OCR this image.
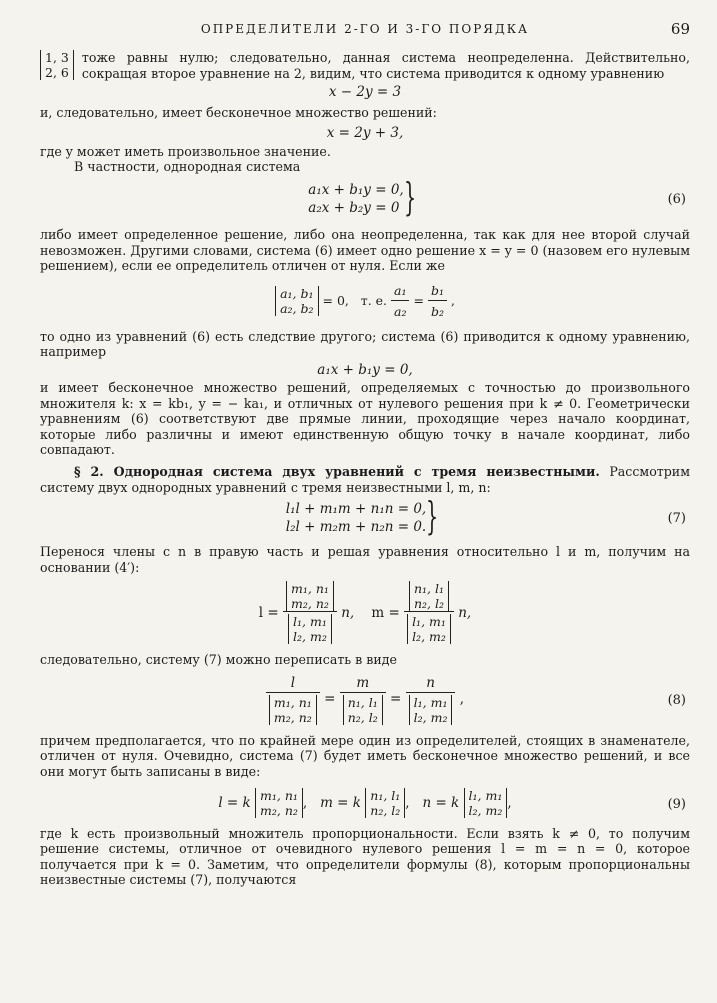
ОПРЕДЕЛИТЕЛИ 2-ГО И 3-ГО ПОРЯДКА	69

1, 3
2, 6
тоже равны нулю; следовательно, данная система неопределенна. Действительно, сокращая второе уравнение на 2, видим, что система приводится к одному уравнению

x − 2y = 3

и, следовательно, имеет бесконечное множество решений:

x = 2y + 3,

где y может иметь произвольное значение.

В частности, однородная система

a₁x + b₁y = 0,
a₂x + b₂y = 0 }	(6)

либо имеет определенное решение, либо она неопределенна, так как для нее второй случай невозможен. Другими словами, система (6) имеет одно решение x = y = 0 (назовем его нулевым решением), если ее определитель отличен от нуля. Если же

a₁, b₁
a₂, b₂ = 0, т. е. $\frac{\text{a₁}}{\text{a₂}} = \frac{\text{b₁}}{\text{b₂}}$ ,

то одно из уравнений (6) есть следствие другого; система (6) приводится к одному уравнению, например

a₁x + b₁y = 0,

и имеет бесконечное множество решений, определяемых с точностью до произвольного множителя k: x = kb₁, y = − ka₁, и отличных от нулевого решения при k ≠ 0. Геометрически уравнениям (6) соответствуют две прямые линии, проходящие через начало координат, которые либо различны и имеют единственную общую точку в начале координат, либо совпадают.

§ 2. Однородная система двух уравнений с тремя неизвестными. Рассмотрим систему двух однородных уравнений с тремя неизвестными l, m, n:

l₁l + m₁m + n₁n = 0,
l₂l + m₂m + n₂n = 0. }	(7)

Перенося члены с n в правую часть и решая уравнения относительно l и m, получим на основании (4′):

l =
m₁, n₁
m₂, n₂
l₁, m₁
l₂, m₂
n, m =
n₁, l₁
n₂, l₂
l₁, m₁
l₂, m₂
n,

следовательно, систему (7) можно переписать в виде

l
m₁, n₁
m₂, n₂
=
m
n₁, l₁
n₂, l₂
=
n
l₁, m₁
l₂, m₂
,	(8)

причем предполагается, что по крайней мере один из определителей, стоящих в знаменателе, отличен от нуля. Очевидно, система (7) будет иметь бесконечное множество решений, и все они могут быть записаны в виде:

l = k m₁, n₁
m₂, n₂ , m = k n₁, l₁
n₂, l₂ , n = k l₁, m₁
l₂, m₂ ,	(9)

где k есть произвольный множитель пропорциональности. Если взять k ≠ 0, то получим решение системы, отличное от очевидного нулевого решения l = m = n = 0, которое получается при k = 0. Заметим, что определители формулы (8), которым пропорциональны неизвестные системы (7), получаются
